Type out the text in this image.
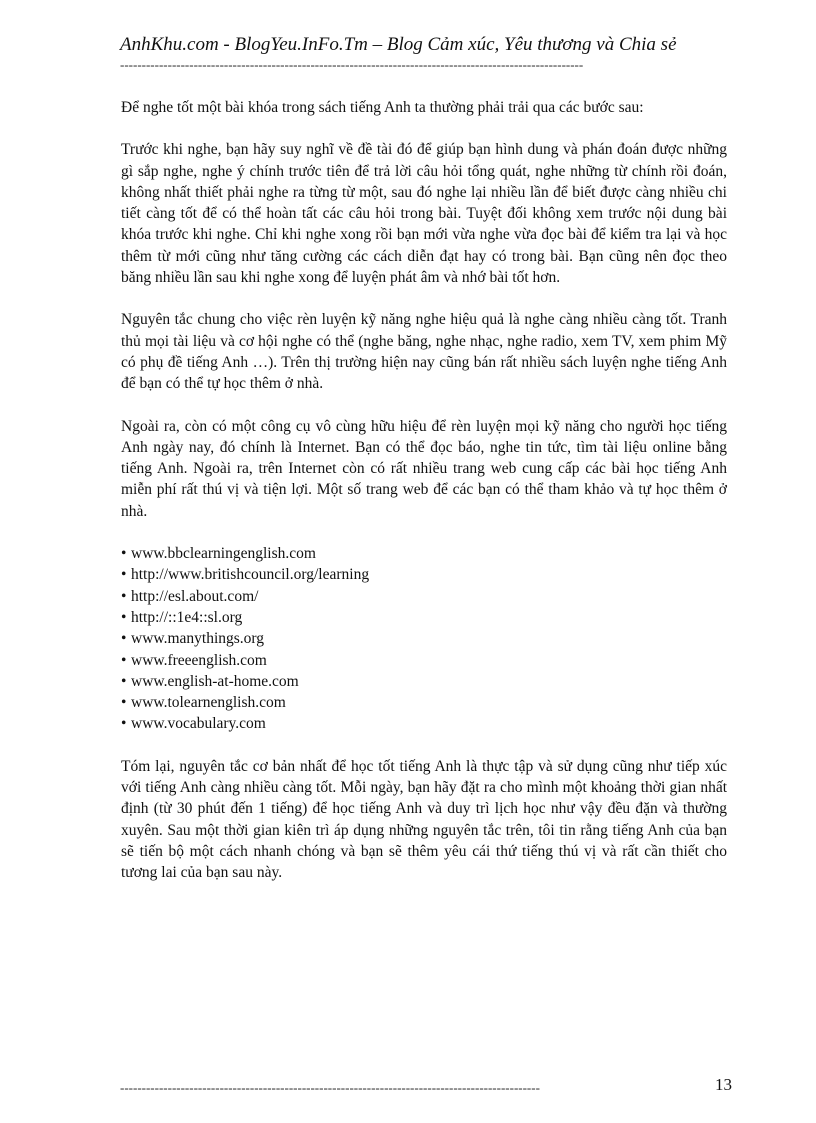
AnhKhu.com - BlogYeu.InFo.Tm – Blog Cảm xúc, Yêu thương và Chia sẻ
-----------------------------------------------------------------------------------------------------------

Để nghe tốt một bài khóa trong sách tiếng Anh ta thường phải trải qua các bước sau:

Trước khi nghe, bạn hãy suy nghĩ về đề tài đó để giúp bạn hình dung và phán đoán được những gì sắp nghe, nghe ý chính trước tiên để trả lời câu hỏi tổng quát, nghe những từ chính rồi đoán, không nhất thiết phải nghe ra từng từ một, sau đó nghe lại nhiều lần để biết được càng nhiều chi tiết càng tốt để có thể hoàn tất các câu hỏi trong bài. Tuyệt đối không xem trước nội dung bài khóa trước khi nghe. Chỉ khi nghe xong rồi bạn mới vừa nghe vừa đọc bài để kiểm tra lại và học thêm từ mới cũng như tăng cường các cách diễn đạt hay có trong bài. Bạn cũng nên đọc theo băng nhiều lần sau khi nghe xong để luyện phát âm và nhớ bài tốt hơn.

Nguyên tắc chung cho việc rèn luyện kỹ năng nghe hiệu quả là nghe càng nhiều càng tốt. Tranh thủ mọi tài liệu và cơ hội nghe có thể (nghe băng, nghe nhạc, nghe radio, xem TV, xem phim Mỹ có phụ đề tiếng Anh …). Trên thị trường hiện nay cũng bán rất nhiều sách luyện nghe tiếng Anh để bạn có thể tự học thêm ở nhà.

Ngoài ra, còn có một công cụ vô cùng hữu hiệu để rèn luyện mọi kỹ năng cho người học tiếng Anh ngày nay, đó chính là Internet. Bạn có thể đọc báo, nghe tin tức, tìm tài liệu online bằng tiếng Anh. Ngoài ra, trên Internet còn có rất nhiều trang web cung cấp các bài học tiếng Anh miễn phí rất thú vị và tiện lợi. Một số trang web để các bạn có thể tham khảo và tự học thêm ở nhà.

• www.bbclearningenglish.com
• http://www.britishcouncil.org/learning
• http://esl.about.com/
• http://::1e4::sl.org
• www.manythings.org
• www.freeenglish.com
• www.english-at-home.com
• www.tolearnenglish.com
• www.vocabulary.com

Tóm lại, nguyên tắc cơ bản nhất để học tốt tiếng Anh là thực tập và sử dụng cũng như tiếp xúc với tiếng Anh càng nhiều càng tốt. Mỗi ngày, bạn hãy đặt ra cho mình một khoảng thời gian nhất định (từ 30 phút đến 1 tiếng) để học tiếng Anh và duy trì lịch học như vậy đều đặn và thường xuyên. Sau một thời gian kiên trì áp dụng những nguyên tắc trên, tôi tin rằng tiếng Anh của bạn sẽ tiến bộ một cách nhanh chóng và bạn sẽ thêm yêu cái thứ tiếng thú vị và rất cần thiết cho tương lai của bạn sau này.

-------------------------------------------------------------------------------------------------	13
